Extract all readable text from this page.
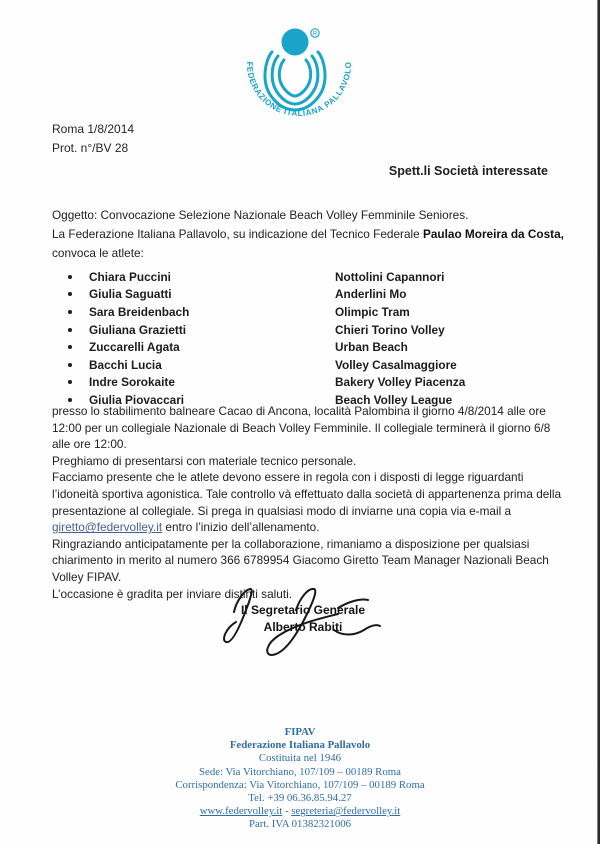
R
FEDERAZIONE ITALIANA PALLAVOLO
Roma 1/8/2014
Prot. n°/BV 28
Spett.li Società interessate
Oggetto: Convocazione Selezione Nazionale Beach Volley Femminile Seniores.
La Federazione Italiana Pallavolo, su indicazione del Tecnico Federale Paulao Moreira da Costa,
convoca le atlete:
Chiara Puccini	Nottolini Capannori
Giulia Saguatti	Anderlini Mo
Sara Breidenbach	Olimpic Tram
Giuliana Grazietti	Chieri Torino Volley
Zuccarelli Agata	Urban Beach
Bacchi Lucia	Volley Casalmaggiore
Indre Sorokaite	Bakery Volley Piacenza
Giulia Piovaccari	Beach Volley League

presso lo stabilimento balneare Cacao di Ancona, località Palombina il giorno 4/8/2014 alle ore 12:00 per un collegiale Nazionale di Beach Volley Femminile. Il collegiale terminerà il giorno 6/8 alle ore 12:00.

Preghiamo di presentarsi con materiale tecnico personale.

Facciamo presente che le atlete devono essere in regola con i disposti di legge riguardanti l’idoneità sportiva agonistica. Tale controllo và effettuato dalla società di appartenenza prima della presentazione al collegiale. Si prega in qualsiasi modo di inviarne una copia via e-mail a giretto@federvolley.it entro l’inizio dell’allenamento.

Ringraziando anticipatamente per la collaborazione, rimaniamo a disposizione per qualsiasi chiarimento in merito al numero 366 6789954 Giacomo Giretto Team Manager Nazionali Beach Volley FIPAV.

L’occasione è gradita per inviare distinti saluti.

Il Segretario Generale
Alberto Rabiti
FIPAV
Federazione Italiana Pallavolo
Costituita nel 1946
Sede: Via Vitorchiano, 107/109 – 00189 Roma
Corrispondenza: Via Vitorchiano, 107/109 – 00189 Roma
Tel. +39 06.36.85.94.27
www.federvolley.it - segreteria@federvolley.it
Part. IVA 01382321006
